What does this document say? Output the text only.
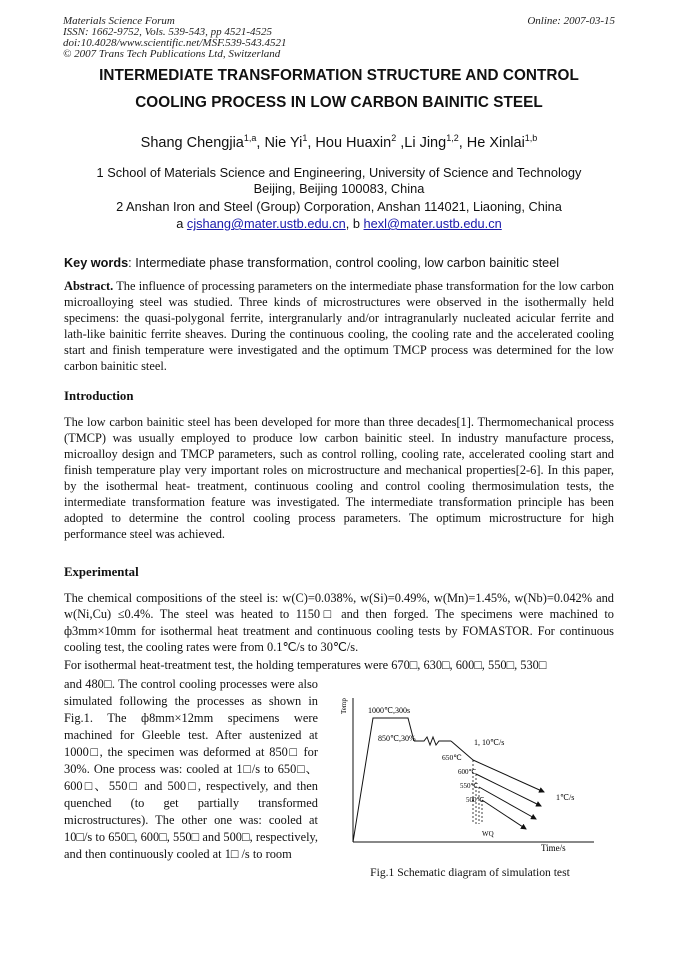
Materials Science Forum
ISSN: 1662-9752, Vols. 539-543, pp 4521-4525
doi:10.4028/www.scientific.net/MSF.539-543.4521
© 2007 Trans Tech Publications Ltd, Switzerland
Online: 2007-03-15
INTERMEDIATE TRANSFORMATION STRUCTURE AND CONTROL
COOLING PROCESS IN LOW CARBON BAINITIC STEEL
Shang Chengjia$^{1,a}$, Nie Yi$^1$, Hou Huaxin$^2$ ,Li Jing$^{1,2}$, He Xinlai$^{1,b}$
1 School of Materials Science and Engineering, University of Science and Technology
Beijing, Beijing 100083, China
2 Anshan Iron and Steel (Group) Corporation, Anshan 114021, Liaoning, China
a cjshang@mater.ustb.edu.cn, b hexl@mater.ustb.edu.cn
Key words: Intermediate phase transformation, control cooling, low carbon bainitic steel
Abstract. The influence of processing parameters on the intermediate phase transformation for the low carbon microalloying steel was studied. Three kinds of microstructures were observed in the isothermally held specimens: the quasi-polygonal ferrite, intergranularly and/or intragranularly nucleated acicular ferrite and lath-like bainitic ferrite sheaves. During the continuous cooling, the cooling rate and the accelerated cooling start and finish temperature were investigated and the optimum TMCP process was determined for the low carbon bainitic steel.
Introduction
The low carbon bainitic steel has been developed for more than three decades[1]. Thermomechanical process (TMCP) was usually employed to produce low carbon bainitic steel. In industry manufacture process, microalloy design and TMCP parameters, such as control rolling, cooling rate, accelerated cooling start and finish temperature play very important roles on microstructure and mechanical properties[2-6]. In this paper, by the isothermal heat- treatment, continuous cooling and control cooling thermosimulation tests, the intermediate transformation feature was investigated. The intermediate transformation principle has been adopted to determine the control cooling process parameters. The optimum microstructure for high performance steel was achieved.
Experimental
The chemical compositions of the steel is: w(C)=0.038%, w(Si)=0.49%, w(Mn)=1.45%, w(Nb)=0.042% and w(Ni,Cu) ≤0.4%. The steel was heated to 1150□ and then forged. The specimens were machined to ф3mm×10mm for isothermal heat treatment and continuous cooling tests by FOMASTOR. For continuous cooling test, the cooling rates were from 0.1℃/s to 30℃/s.
For isothermal heat-treatment test, the holding temperatures were 670□, 630□, 600□, 550□, 530□
and 480□. The control cooling processes were also simulated following the processes as shown in Fig.1. The ф8mm×12mm specimens were machined for Gleeble test. After austenized at 1000□, the specimen was deformed at 850□ for 30%. One process was: cooled at 1□/s to 650□、600□、550□ and 500□, respectively, and then quenched (to get partially transformed microstructures). The other one was: cooled at 10□/s to 650□, 600□, 550□ and 500□, respectively, and then continuously cooled at 1□ /s to room
Temp
Time/s
1000℃,300s
850℃,30%	1, 10℃/s
650℃
600℃
550℃
500℃	1℃/s
WQ
Fig.1 Schematic diagram of simulation test
